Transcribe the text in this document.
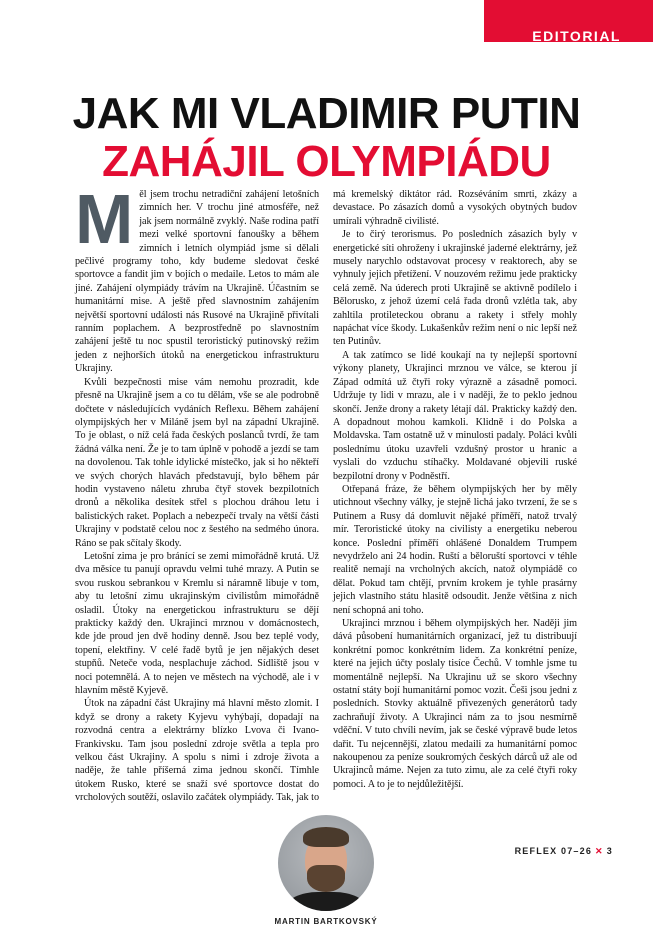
EDITORIAL
JAK MI VLADIMIR PUTIN
ZAHÁJIL OLYMPIÁDU

Měl jsem trochu netradiční zahájení letošních zimních her. V trochu jiné atmosféře, než jak jsem normálně zvyklý. Naše rodina patří mezi velké sportovní fanoušky a během zimních i letních olympiád jsme si dělali pečlivé programy toho, kdy budeme sledovat české sportovce a fandit jim v bojích o medaile. Letos to mám ale jiné. Zahájení olympiády trávím na Ukrajině. Účastním se humanitární mise. A ještě před slavnostním zahájením největší sportovní události nás Rusové na Ukrajině přivítali ranním poplachem. A bezprostředně po slavnostním zahájení ještě tu noc spustil teroristický putinovský režim jeden z nejhorších útoků na energetickou infrastrukturu Ukrajiny.

Kvůli bezpečnosti mise vám nemohu prozradit, kde přesně na Ukrajině jsem a co tu dělám, vše se ale podrobně dočtete v následujících vydáních Reflexu. Během zahájení olympijských her v Miláně jsem byl na západní Ukrajině. To je oblast, o níž celá řada českých poslanců tvrdí, že tam žádná válka není. Že je to tam úplně v pohodě a jezdí se tam na dovolenou. Tak tohle idylické místečko, jak si ho někteří ve svých chorých hlavách představují, bylo během pár hodin vystaveno náletu zhruba čtyř stovek bezpilotních dronů a několika desítek střel s plochou dráhou letu i balistických raket. Poplach a nebezpečí trvaly na větší části Ukrajiny v podstatě celou noc z šestého na sedmého února. Ráno se pak sčítaly škody.

Letošní zima je pro bránící se zemi mimořádně krutá. Už dva měsíce tu panují opravdu velmi tuhé mrazy. A Putin se svou ruskou sebrankou v Kremlu si náramně libuje v tom, aby tu letošní zimu ukrajinským civilistům mimořádně osladil. Útoky na energetickou infrastrukturu se dějí prakticky každý den. Ukrajinci mrznou v domácnostech, kde jde proud jen dvě hodiny denně. Jsou bez teplé vody, topení, elektřiny. V celé řadě bytů je jen nějakých deset stupňů. Neteče voda, nesplachuje záchod. Sídliště jsou v noci potemnělá. A to nejen ve městech na východě, ale i v hlavním městě Kyjevě.

Útok na západní část Ukrajiny má hlavní město zlomit. I když se drony a rakety Kyjevu vyhýbají, dopadají na rozvodná centra a elektrárny blízko Lvova či Ivano-Frankivsku. Tam jsou poslední zdroje světla a tepla pro velkou část Ukrajiny. A spolu s nimi i zdroje života a naděje, že tahle příšerná zima jednou skončí. Tímhle útokem Rusko, které se snaží své sportovce dostat do vrcholových soutěží, oslavilo začátek olympiády. Tak, jak to má kremelský diktátor rád. Rozséváním smrti, zkázy a devastace. Po zásazích domů a vysokých obytných budov umírali výhradně civilisté.

Je to čirý terorismus. Po posledních zásazích byly v energetické síti ohroženy i ukrajinské jaderné elektrárny, jež musely narychlo odstavovat procesy v reaktorech, aby se vyhnuly jejich přetížení. V nouzovém režimu jede prakticky celá země. Na úderech proti Ukrajině se aktivně podílelo i Bělorusko, z jehož území celá řada dronů vzlétla tak, aby zahltila protileteckou obranu a rakety i střely mohly napáchat více škody. Lukašenkův režim není o nic lepší než ten Putinův.

A tak zatímco se lidé koukají na ty nejlepší sportovní výkony planety, Ukrajinci mrznou ve válce, se kterou jí Západ odmítá už čtyři roky výrazně a zásadně pomoci. Udržuje ty lidi v mrazu, ale i v naději, že to peklo jednou skončí. Jenže drony a rakety létají dál. Prakticky každý den. A dopadnout mohou kamkoli. Klidně i do Polska a Moldavska. Tam ostatně už v minulosti padaly. Poláci kvůli poslednímu útoku uzavřeli vzdušný prostor u hranic a vyslali do vzduchu stíhačky. Moldavané objevili ruské bezpilotní drony v Podněstří.

Otřepaná fráze, že během olympijských her by měly utichnout všechny války, je stejně lichá jako tvrzení, že se s Putinem a Rusy dá domluvit nějaké příměří, natož trvalý mír. Teroristické útoky na civilisty a energetiku neberou konce. Poslední příměří ohlášené Donaldem Trumpem nevydrželo ani 24 hodin. Ruští a běloruští sportovci v téhle realitě nemají na vrcholných akcích, natož olympiádě co dělat. Pokud tam chtějí, prvním krokem je tyhle prasárny jejich vlastního státu hlasitě odsoudit. Jenže většina z nich není schopná ani toho.

Ukrajinci mrznou i během olympijských her. Naději jim dává působení humanitárních organizací, jež tu distribuují konkrétní pomoc konkrétním lidem. Za konkrétní peníze, které na jejich účty poslaly tisíce Čechů. V tomhle jsme tu momentálně nejlepší. Na Ukrajinu už se skoro všechny ostatní státy bojí humanitární pomoc vozit. Češi jsou jedni z posledních. Stovky aktuálně přivezených generátorů tady zachraňují životy. A Ukrajinci nám za to jsou nesmírně vděční. V tuto chvíli nevím, jak se české výpravě bude letos dařit. Tu nejcennější, zlatou medaili za humanitární pomoc nakoupenou za peníze soukromých českých dárců už ale od Ukrajinců máme. Nejen za tuto zimu, ale za celé čtyři roky pomoci. A to je to nejdůležitější.

MARTIN BARTKOVSKÝ
REFLEX 07–26 ✕ 3
